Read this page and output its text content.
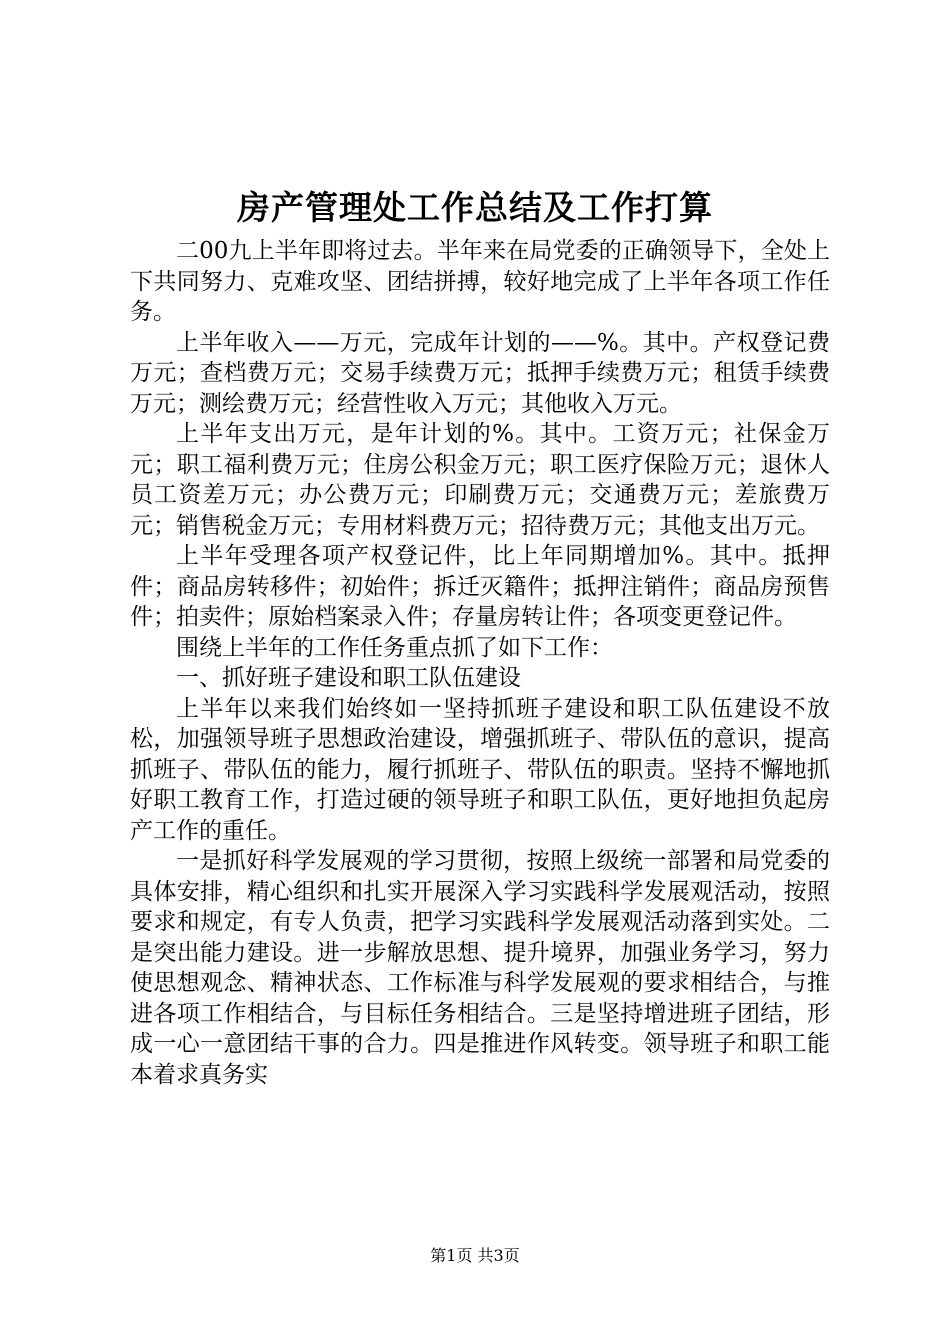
房产管理处工作总结及工作打算

二00九上半年即将过去。半年来在局党委的正确领导下，全处上下共同努力、克难攻坚、团结拼搏，较好地完成了上半年各项工作任务。

上半年收入——万元，完成年计划的——%。其中。产权登记费万元；查档费万元；交易手续费万元；抵押手续费万元；租赁手续费万元；测绘费万元；经营性收入万元；其他收入万元。

上半年支出万元，是年计划的%。其中。工资万元；社保金万元；职工福利费万元；住房公积金万元；职工医疗保险万元；退休人员工资差万元；办公费万元；印刷费万元；交通费万元；差旅费万元；销售税金万元；专用材料费万元；招待费万元；其他支出万元。

上半年受理各项产权登记件，比上年同期增加%。其中。抵押件；商品房转移件；初始件；拆迁灭籍件；抵押注销件；商品房预售件；拍卖件；原始档案录入件；存量房转让件；各项变更登记件。

围绕上半年的工作任务重点抓了如下工作：

一、抓好班子建设和职工队伍建设

上半年以来我们始终如一坚持抓班子建设和职工队伍建设不放松，加强领导班子思想政治建设，增强抓班子、带队伍的意识，提高抓班子、带队伍的能力，履行抓班子、带队伍的职责。坚持不懈地抓好职工教育工作，打造过硬的领导班子和职工队伍，更好地担负起房产工作的重任。

一是抓好科学发展观的学习贯彻，按照上级统一部署和局党委的具体安排，精心组织和扎实开展深入学习实践科学发展观活动，按照要求和规定，有专人负责，把学习实践科学发展观活动落到实处。二是突出能力建设。进一步解放思想、提升境界，加强业务学习，努力使思想观念、精神状态、工作标准与科学发展观的要求相结合，与推进各项工作相结合，与目标任务相结合。三是坚持增进班子团结，形成一心一意团结干事的合力。四是推进作风转变。领导班子和职工能本着求真务实

第1页 共3页
